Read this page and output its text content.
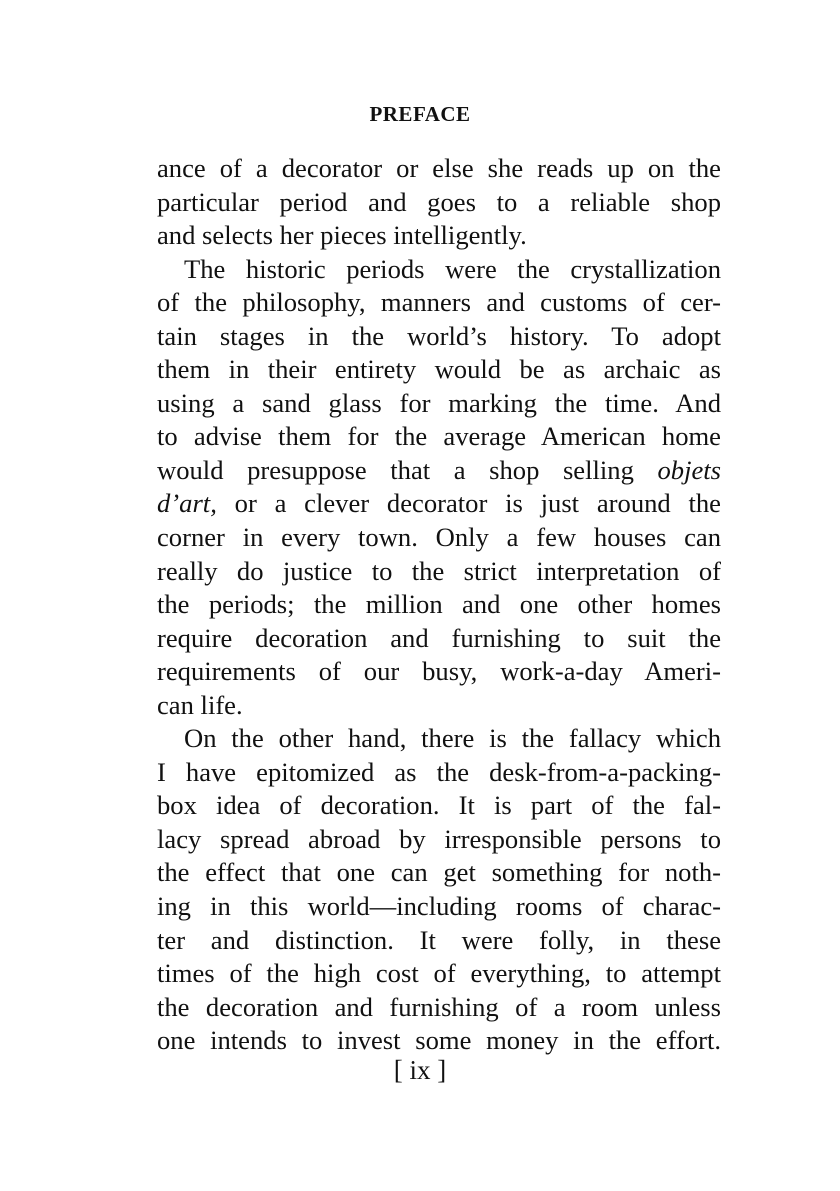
PREFACE
ance of a decorator or else she reads up on the
particular period and goes to a reliable shop
and selects her pieces intelligently.
The historic periods were the crystallization
of the philosophy, manners and customs of cer-
tain stages in the world’s history. To adopt
them in their entirety would be as archaic as
using a sand glass for marking the time. And
to advise them for the average American home
would presuppose that a shop selling objets
d’art, or a clever decorator is just around the
corner in every town. Only a few houses can
really do justice to the strict interpretation of
the periods; the million and one other homes
require decoration and furnishing to suit the
requirements of our busy, work-a-day Ameri-
can life.
On the other hand, there is the fallacy which
I have epitomized as the desk-from-a-packing-
box idea of decoration. It is part of the fal-
lacy spread abroad by irresponsible persons to
the effect that one can get something for noth-
ing in this world—including rooms of charac-
ter and distinction. It were folly, in these
times of the high cost of everything, to attempt
the decoration and furnishing of a room unless
one intends to invest some money in the effort.
[ ix ]
